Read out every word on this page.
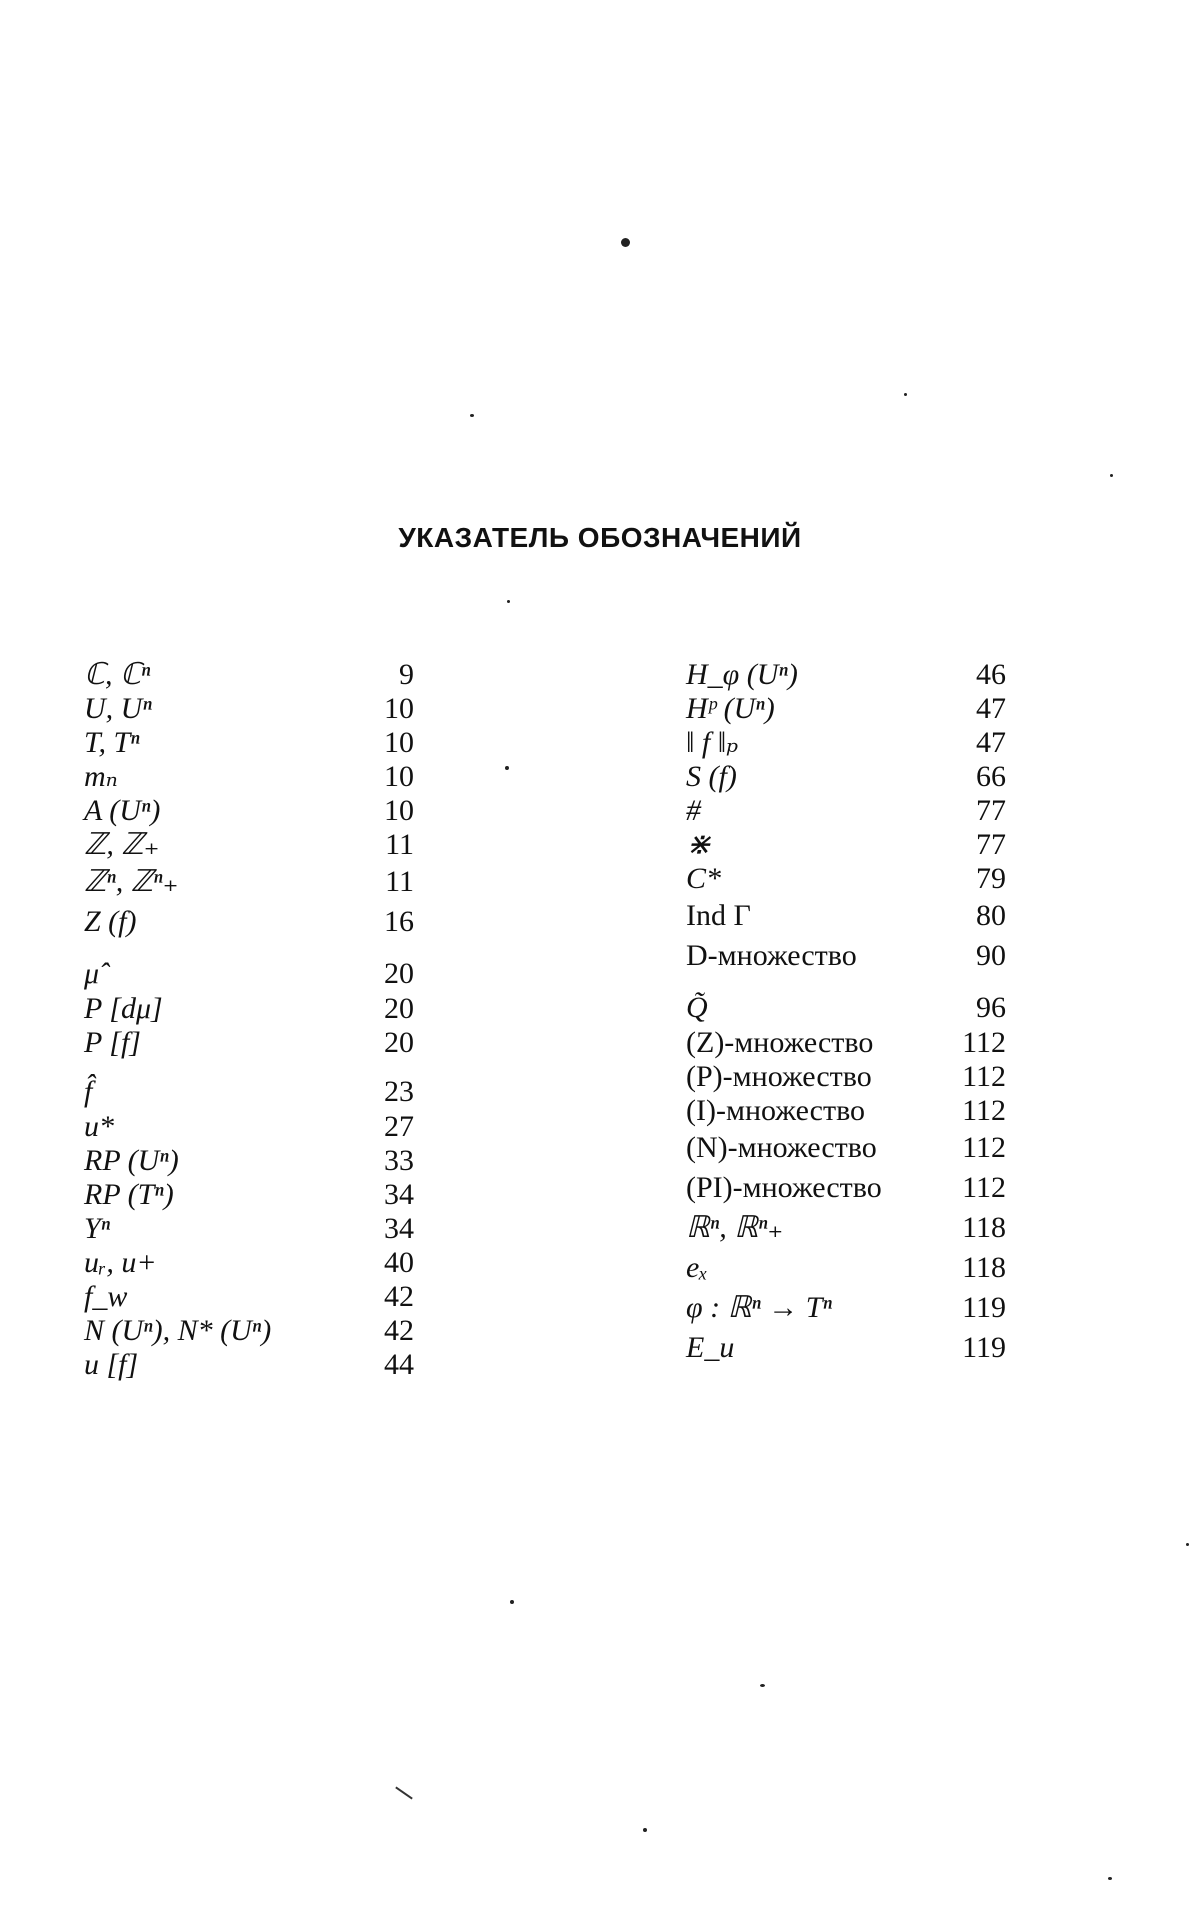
УКАЗАТЕЛЬ ОБОЗНАЧЕНИЙ
ℂ, ℂⁿ	9
U, Uⁿ	10
T, Tⁿ	10
mₙ	10
A (Uⁿ)	10
ℤ, ℤ₊	11
ℤⁿ, ℤⁿ₊	11
Z (f)	16
μ̂	20
P [dμ]	20
P [f]	20
f̂	23
u*	27
RP (Uⁿ)	33
RP (Tⁿ)	34
Yⁿ	34
uᵣ, u+	40
f_w	42
N (Uⁿ), N* (Uⁿ)	42
u [f]	44
H_φ (Uⁿ)	46
Hᵖ (Uⁿ)	47
‖ f ‖ₚ	47
S (f)	66
#	77
⋇	77
C*	79
Ind Γ	80
D-множество	90
Q̃	96
(Z)-множество	112
(P)-множество	112
(I)-множество	112
(N)-множество	112
(PI)-множество	112
ℝⁿ, ℝⁿ₊	118
eₓ	118
φ : ℝⁿ → Tⁿ	119
E_u	119
